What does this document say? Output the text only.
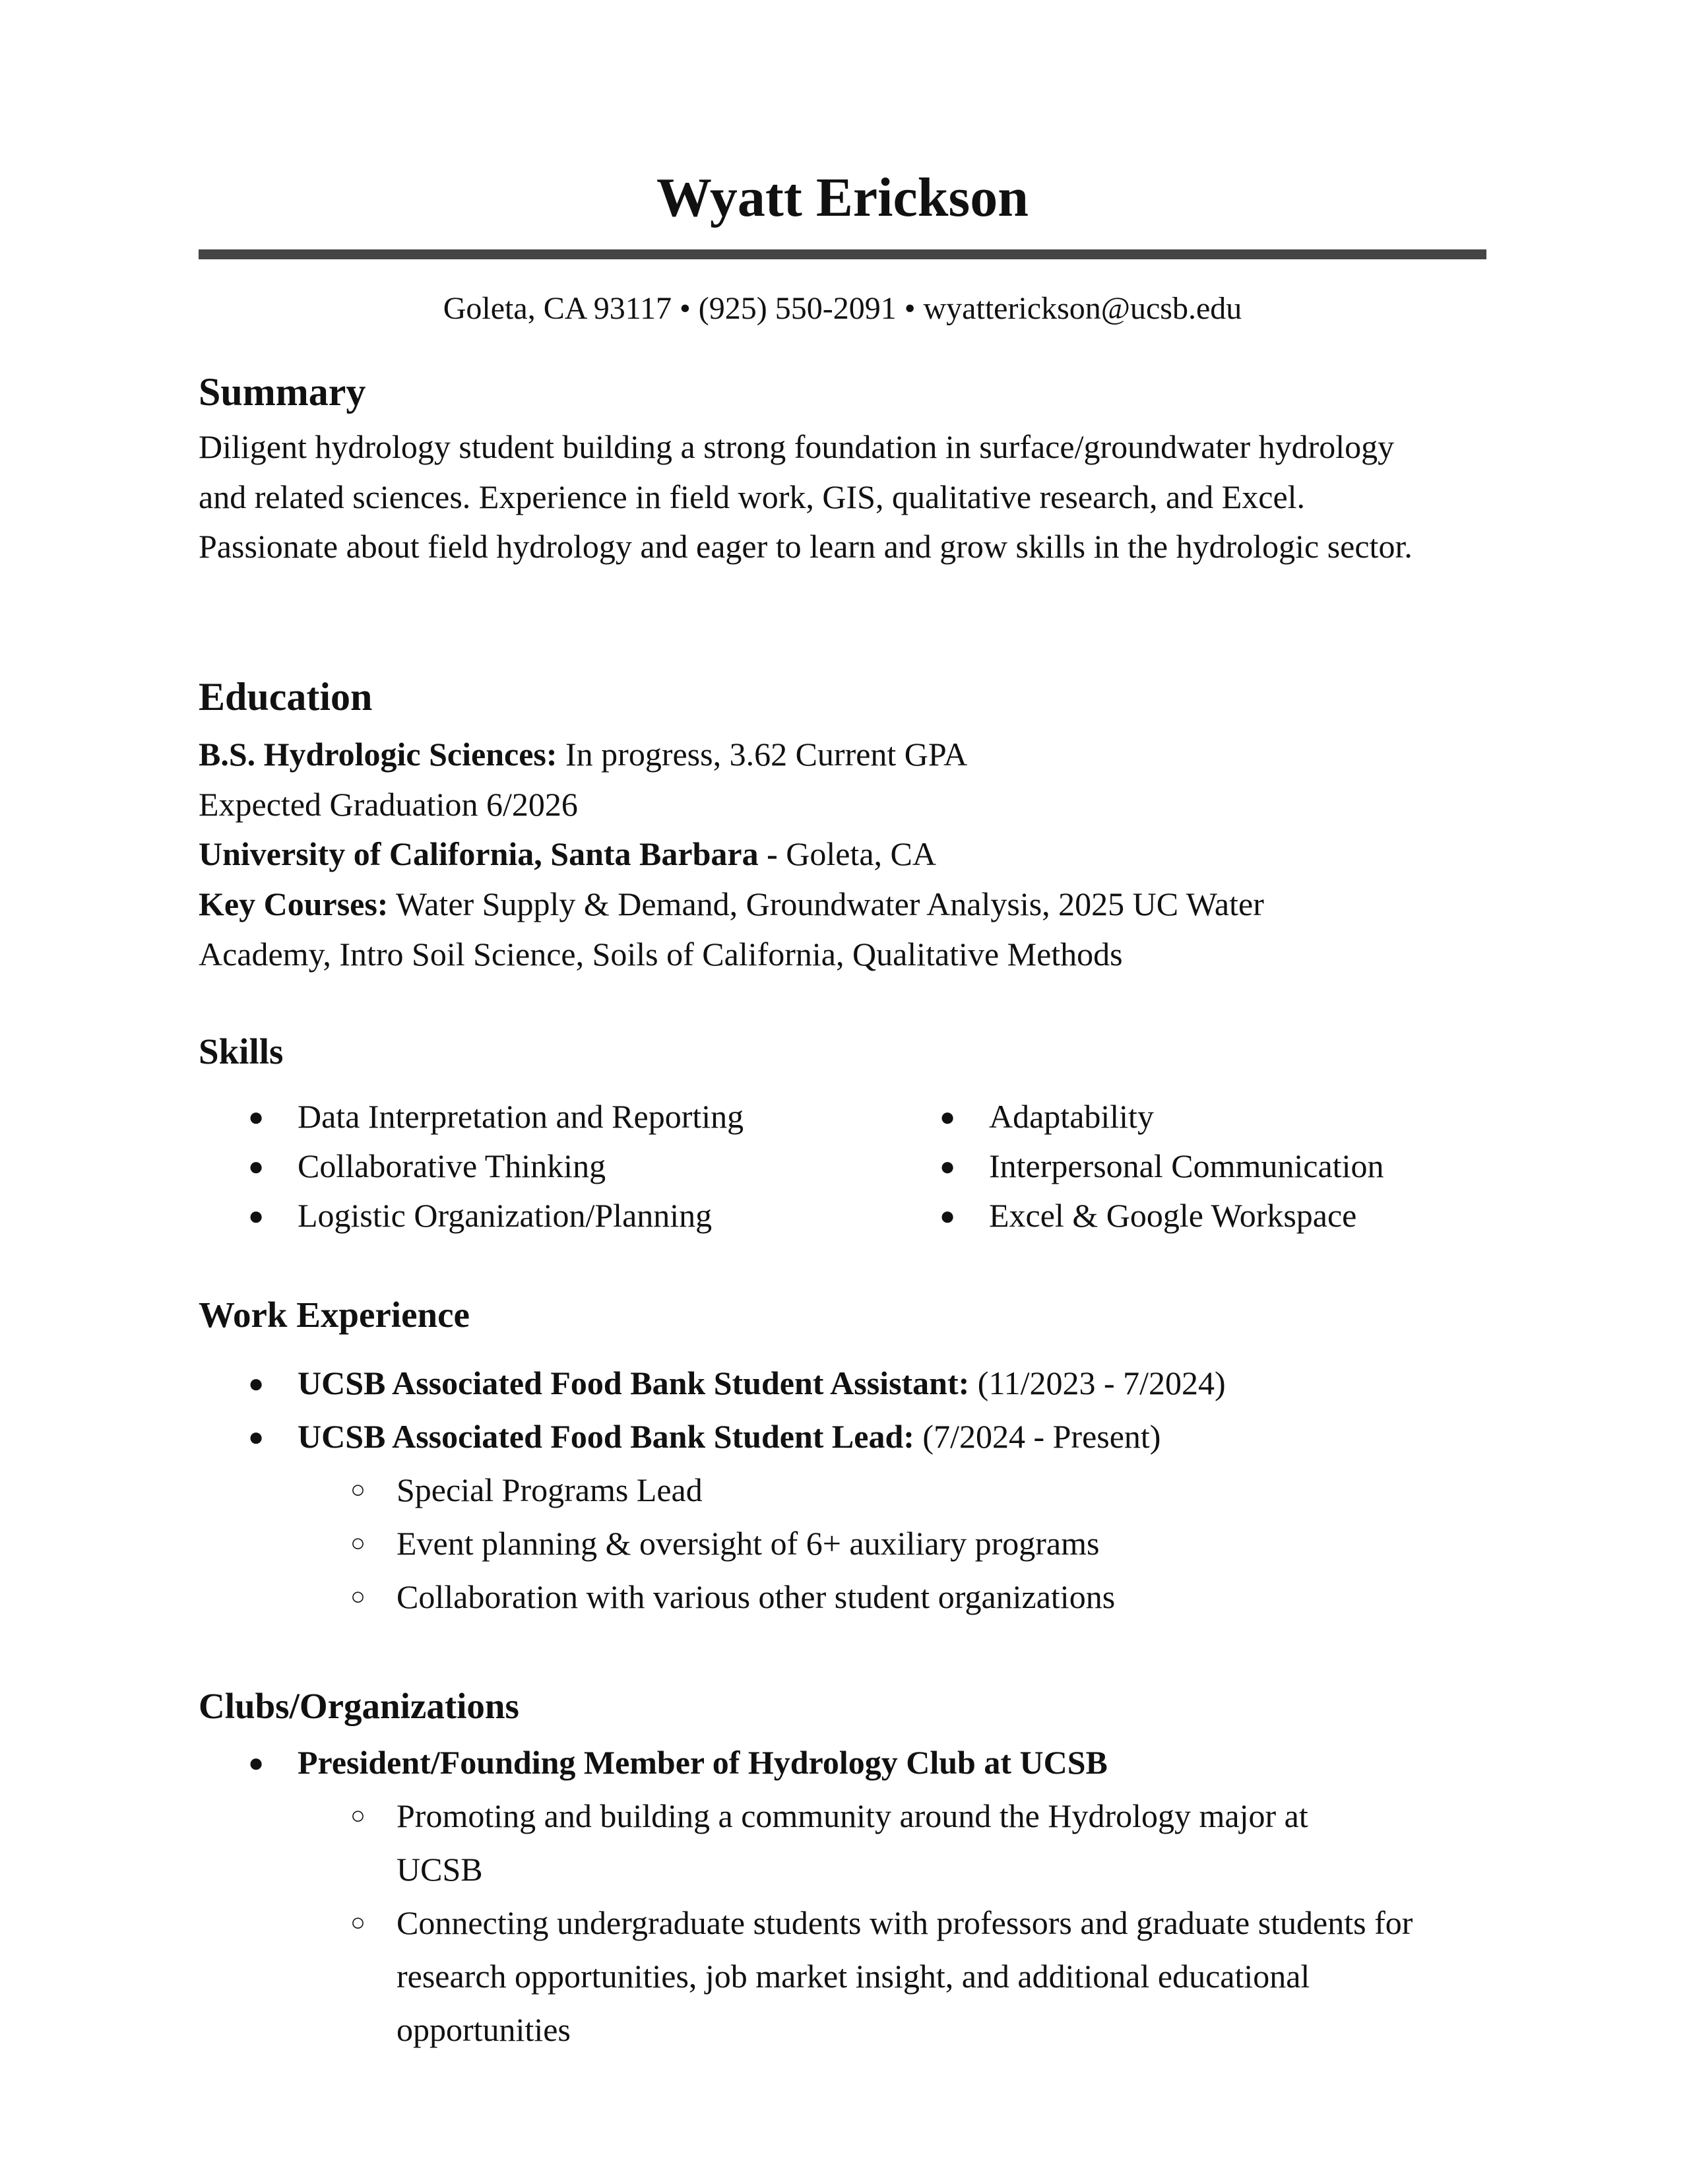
Wyatt Erickson
Goleta, CA 93117 • (925) 550-2091 • wyatterickson@ucsb.edu
Summary

Diligent hydrology student building a strong foundation in surface/groundwater hydrology and related sciences. Experience in field work, GIS, qualitative research, and Excel. Passionate about field hydrology and eager to learn and grow skills in the hydrologic sector.

Education
B.S. Hydrologic Sciences: In progress, 3.62 Current GPA
Expected Graduation 6/2026
University of California, Santa Barbara - Goleta, CA

Key Courses: Water Supply & Demand, Groundwater Analysis, 2025 UC Water Academy, Intro Soil Science, Soils of California, Qualitative Methods

Skills
● Data Interpretation and Reporting
● Collaborative Thinking
● Logistic Organization/Planning
● Adaptability
● Interpersonal Communication
● Excel & Google Workspace
Work Experience
● UCSB Associated Food Bank Student Assistant: (11/2023 - 7/2024)
● UCSB Associated Food Bank Student Lead: (7/2024 - Present)
○ Special Programs Lead
○ Event planning & oversight of 6+ auxiliary programs
○ Collaboration with various other student organizations
Clubs/Organizations
● President/Founding Member of Hydrology Club at UCSB
○ Promoting and building a community around the Hydrology major at UCSB
○ Connecting undergraduate students with professors and graduate students for research opportunities, job market insight, and additional educational opportunities
